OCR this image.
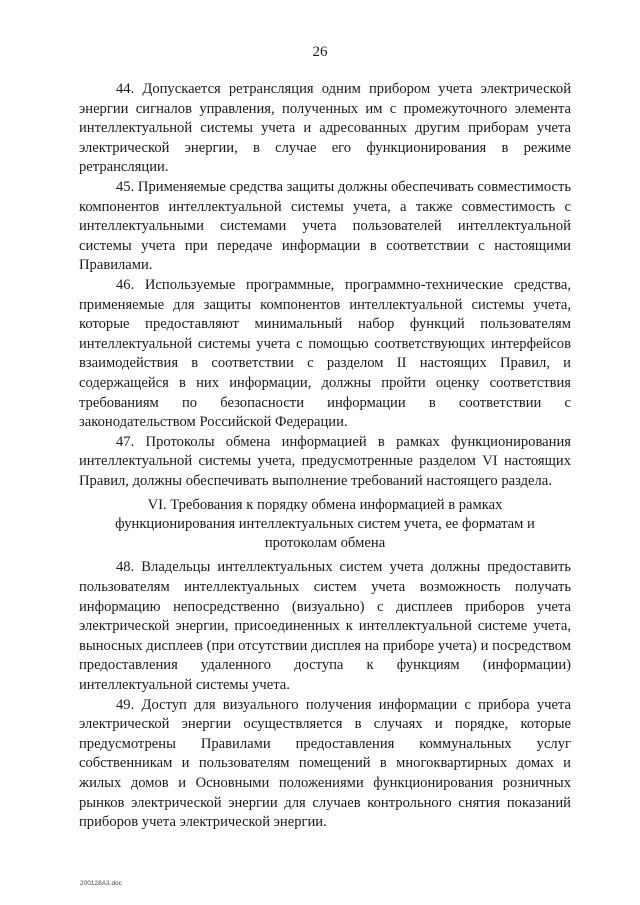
26

44. Допускается ретрансляция одним прибором учета электрической энергии сигналов управления, полученных им с промежуточного элемента интеллектуальной системы учета и адресованных другим приборам учета электрической энергии, в случае его функционирования в режиме ретрансляции.

45. Применяемые средства защиты должны обеспечивать совместимость компонентов интеллектуальной системы учета, а также совместимость с интеллектуальными системами учета пользователей интеллектуальной системы учета при передаче информации в соответствии с настоящими Правилами.

46. Используемые программные, программно-технические средства, применяемые для защиты компонентов интеллектуальной системы учета, которые предоставляют минимальный набор функций пользователям интеллектуальной системы учета с помощью соответствующих интерфейсов взаимодействия в соответствии с разделом II настоящих Правил, и содержащейся в них информации, должны пройти оценку соответствия требованиям по безопасности информации в соответствии с законодательством Российской Федерации.

47. Протоколы обмена информацией в рамках функционирования интеллектуальной системы учета, предусмотренные разделом VI настоящих Правил, должны обеспечивать выполнение требований настоящего раздела.

VI. Требования к порядку обмена информацией в рамках функционирования интеллектуальных систем учета, ее форматам и протоколам обмена

48. Владельцы интеллектуальных систем учета должны предоставить пользователям интеллектуальных систем учета возможность получать информацию непосредственно (визуально) с дисплеев приборов учета электрической энергии, присоединенных к интеллектуальной системе учета, выносных дисплеев (при отсутствии дисплея на приборе учета) и посредством предоставления удаленного доступа к функциям (информации) интеллектуальной системы учета.

49. Доступ для визуального получения информации с прибора учета электрической энергии осуществляется в случаях и порядке, которые предусмотрены Правилами предоставления коммунальных услуг собственникам и пользователям помещений в многоквартирных домах и жилых домов и Основными положениями функционирования розничных рынков электрической энергии для случаев контрольного снятия показаний приборов учета электрической энергии.

200128A3.doc
